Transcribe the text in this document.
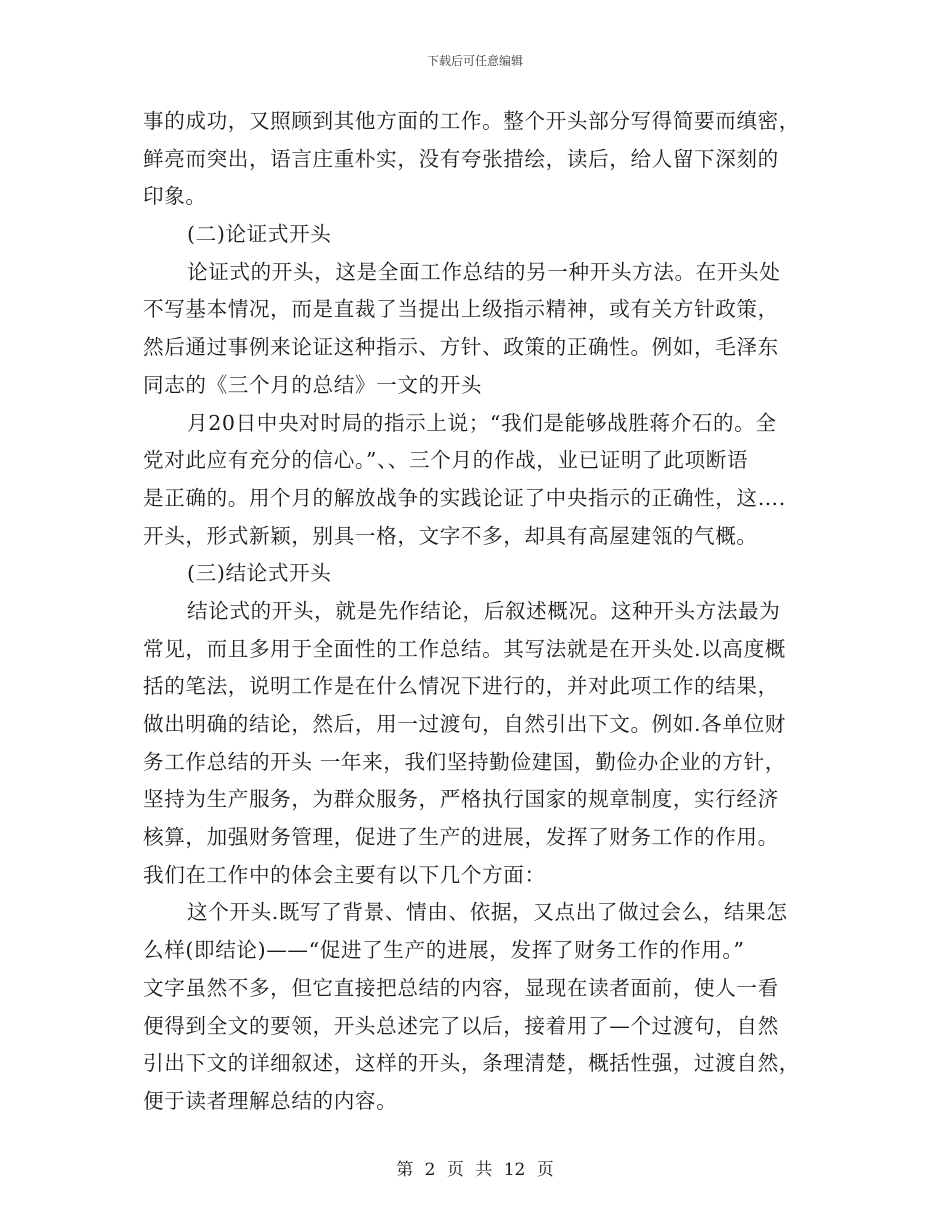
下载后可任意编辑
事的成功，又照顾到其他方面的工作。整个开头部分写得简要而缜密，
鲜亮而突出，语言庄重朴实，没有夸张措绘，读后，给人留下深刻的
印象。
(二)论证式开头
论证式的开头，这是全面工作总结的另一种开头方法。在开头处
不写基本情况，而是直裁了当提出上级指示精神，或有关方针政策，
然后通过事例来论证这种指示、方针、政策的正确性。例如，毛泽东
同志的《三个月的总结》一文的开头
月20日中央对时局的指示上说；“我们是能够战胜蒋介石的。全
党对此应有充分的信心。”、、三个月的作战，业已证明了此项断语
是正确的。用个月的解放战争的实践论证了中央指示的正确性，这….
开头，形式新颖，别具一格，文字不多，却具有高屋建瓴的气概。
(三)结论式开头
结论式的开头，就是先作结论，后叙述概况。这种开头方法最为
常见，而且多用于全面性的工作总结。其写法就是在开头处.以高度概
括的笔法，说明工作是在什么情况下进行的，并对此项工作的结果，
做出明确的结论，然后，用一过渡句，自然引出下文。例如.各单位财
务工作总结的开头 一年来，我们坚持勤俭建国，勤俭办企业的方针，
坚持为生产服务，为群众服务，严格执行国家的规章制度，实行经济
核算，加强财务管理，促进了生产的进展，发挥了财务工作的作用。
我们在工作中的体会主要有以下几个方面：
这个开头.既写了背景、情由、依据，又点出了做过会么，结果怎
么样(即结论)——“促进了生产的进展，发挥了财务工作的作用。”
文字虽然不多，但它直接把总结的内容，显现在读者面前，使人一看
便得到全文的要领，开头总述完了以后，接着用了—个过渡句，自然
引出下文的详细叙述，这样的开头，条理清楚，概括性强，过渡自然，
便于读者理解总结的内容。
第 2 页 共 12 页
